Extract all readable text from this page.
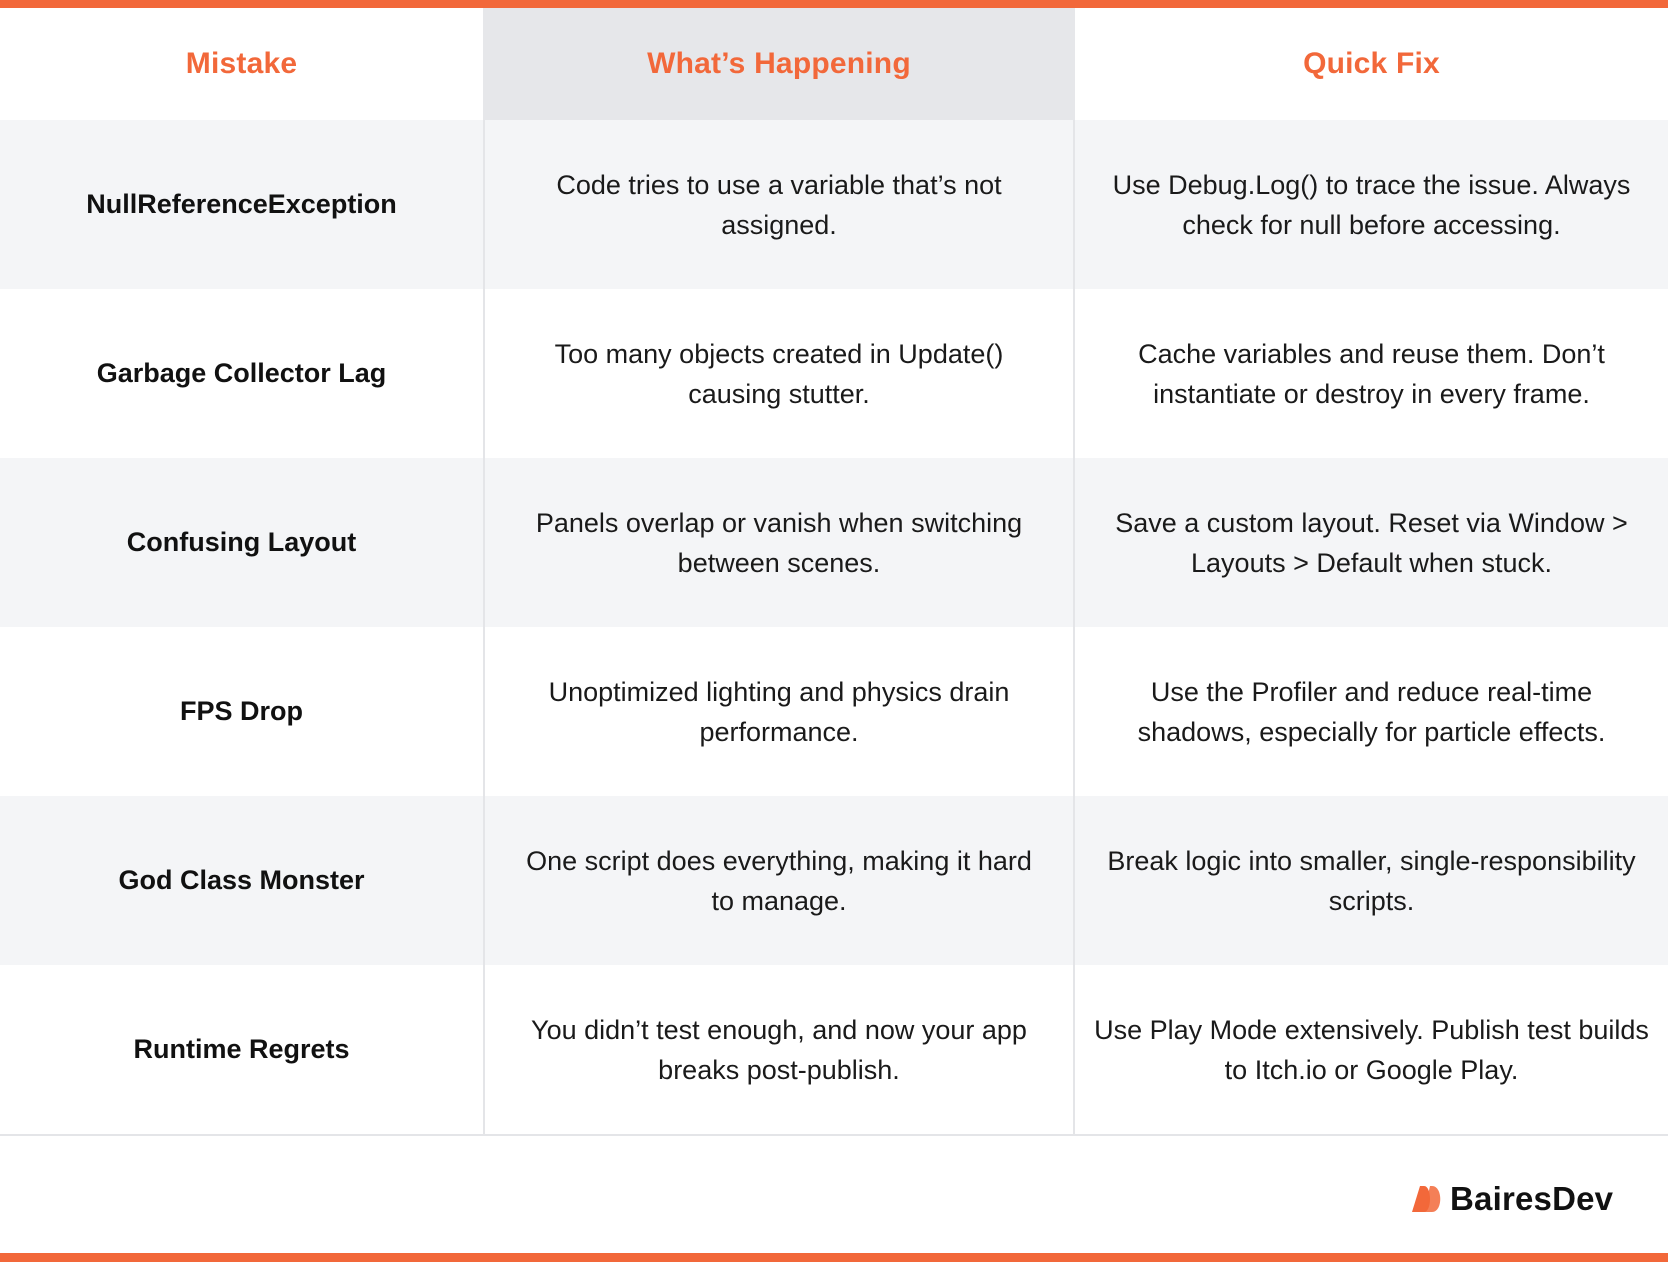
Mistake	What’s Happening	Quick Fix
NullReferenceException
Code tries to use a variable that’s not assigned.
Use Debug.Log() to trace the issue. Always check for null before accessing.
Garbage Collector Lag
Too many objects created in Update() causing stutter.
Cache variables and reuse them. Don’t instantiate or destroy in every frame.
Confusing Layout
Panels overlap or vanish when switching between scenes.
Save a custom layout. Reset via Window > Layouts > Default when stuck.
FPS Drop
Unoptimized lighting and physics drain performance.
Use the Profiler and reduce real-time shadows, especially for particle effects.
God Class Monster
One script does everything, making it hard to manage.
Break logic into smaller, single-responsibility scripts.
Runtime Regrets
You didn’t test enough, and now your app breaks post-publish.
Use Play Mode extensively. Publish test builds to Itch.io or Google Play.
BairesDev
